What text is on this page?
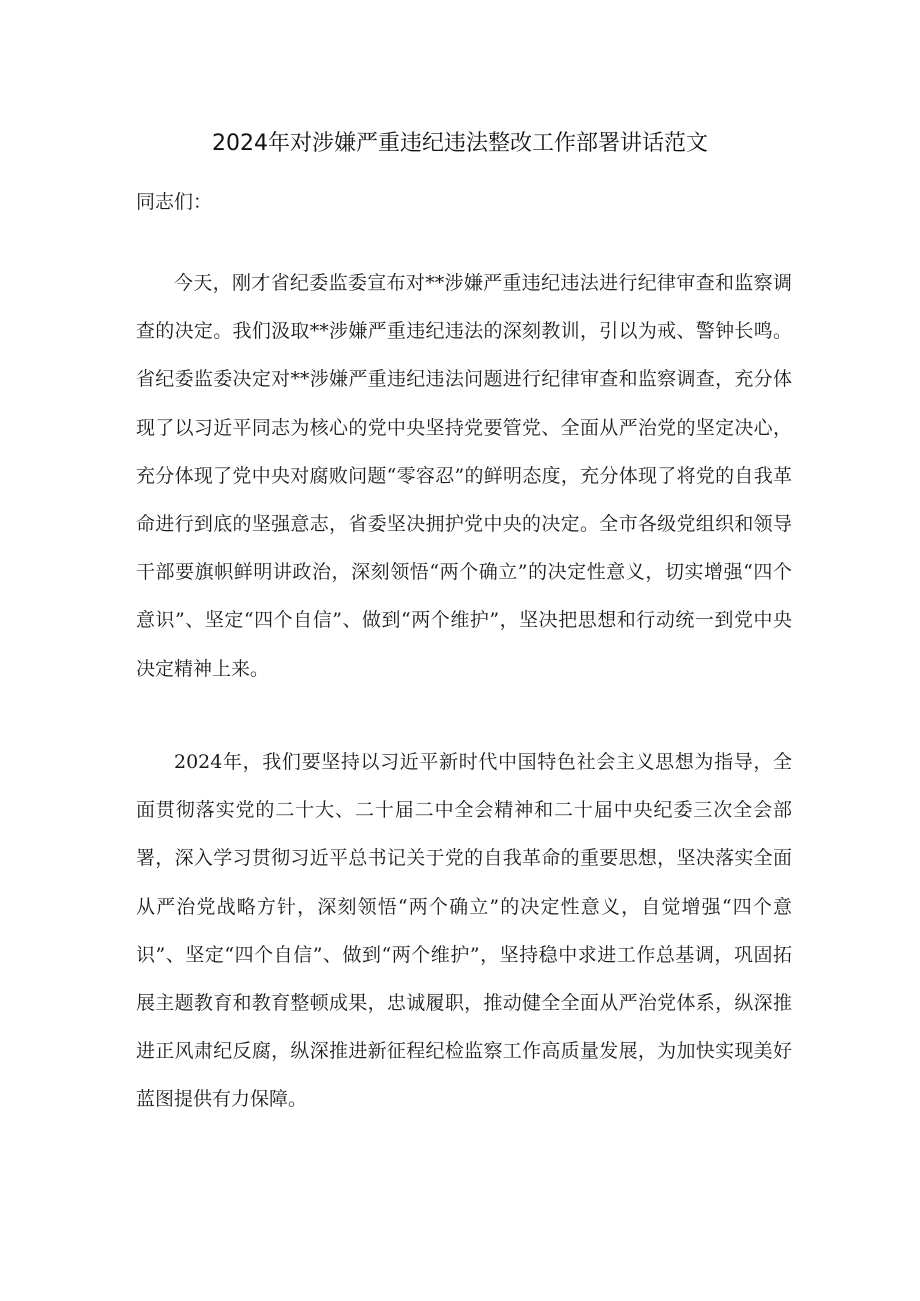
2024年对涉嫌严重违纪违法整改工作部署讲话范文
同志们：

今天，刚才省纪委监委宣布对**涉嫌严重违纪违法进行纪律审查和监察调查的决定。我们汲取**涉嫌严重违纪违法的深刻教训，引以为戒、警钟长鸣。省纪委监委决定对**涉嫌严重违纪违法问题进行纪律审查和监察调查，充分体现了以习近平同志为核心的党中央坚持党要管党、全面从严治党的坚定决心，充分体现了党中央对腐败问题“零容忍”的鲜明态度，充分体现了将党的自我革命进行到底的坚强意志，省委坚决拥护党中央的决定。全市各级党组织和领导干部要旗帜鲜明讲政治，深刻领悟“两个确立”的决定性意义，切实增强“四个意识”、坚定“四个自信”、做到“两个维护”，坚决把思想和行动统一到党中央决定精神上来。

2024年，我们要坚持以习近平新时代中国特色社会主义思想为指导，全面贯彻落实党的二十大、二十届二中全会精神和二十届中央纪委三次全会部署，深入学习贯彻习近平总书记关于党的自我革命的重要思想，坚决落实全面从严治党战略方针，深刻领悟“两个确立”的决定性意义，自觉增强“四个意识”、坚定“四个自信”、做到“两个维护”，坚持稳中求进工作总基调，巩固拓展主题教育和教育整顿成果，忠诚履职，推动健全全面从严治党体系，纵深推进正风肃纪反腐，纵深推进新征程纪检监察工作高质量发展，为加快实现美好蓝图提供有力保障。
